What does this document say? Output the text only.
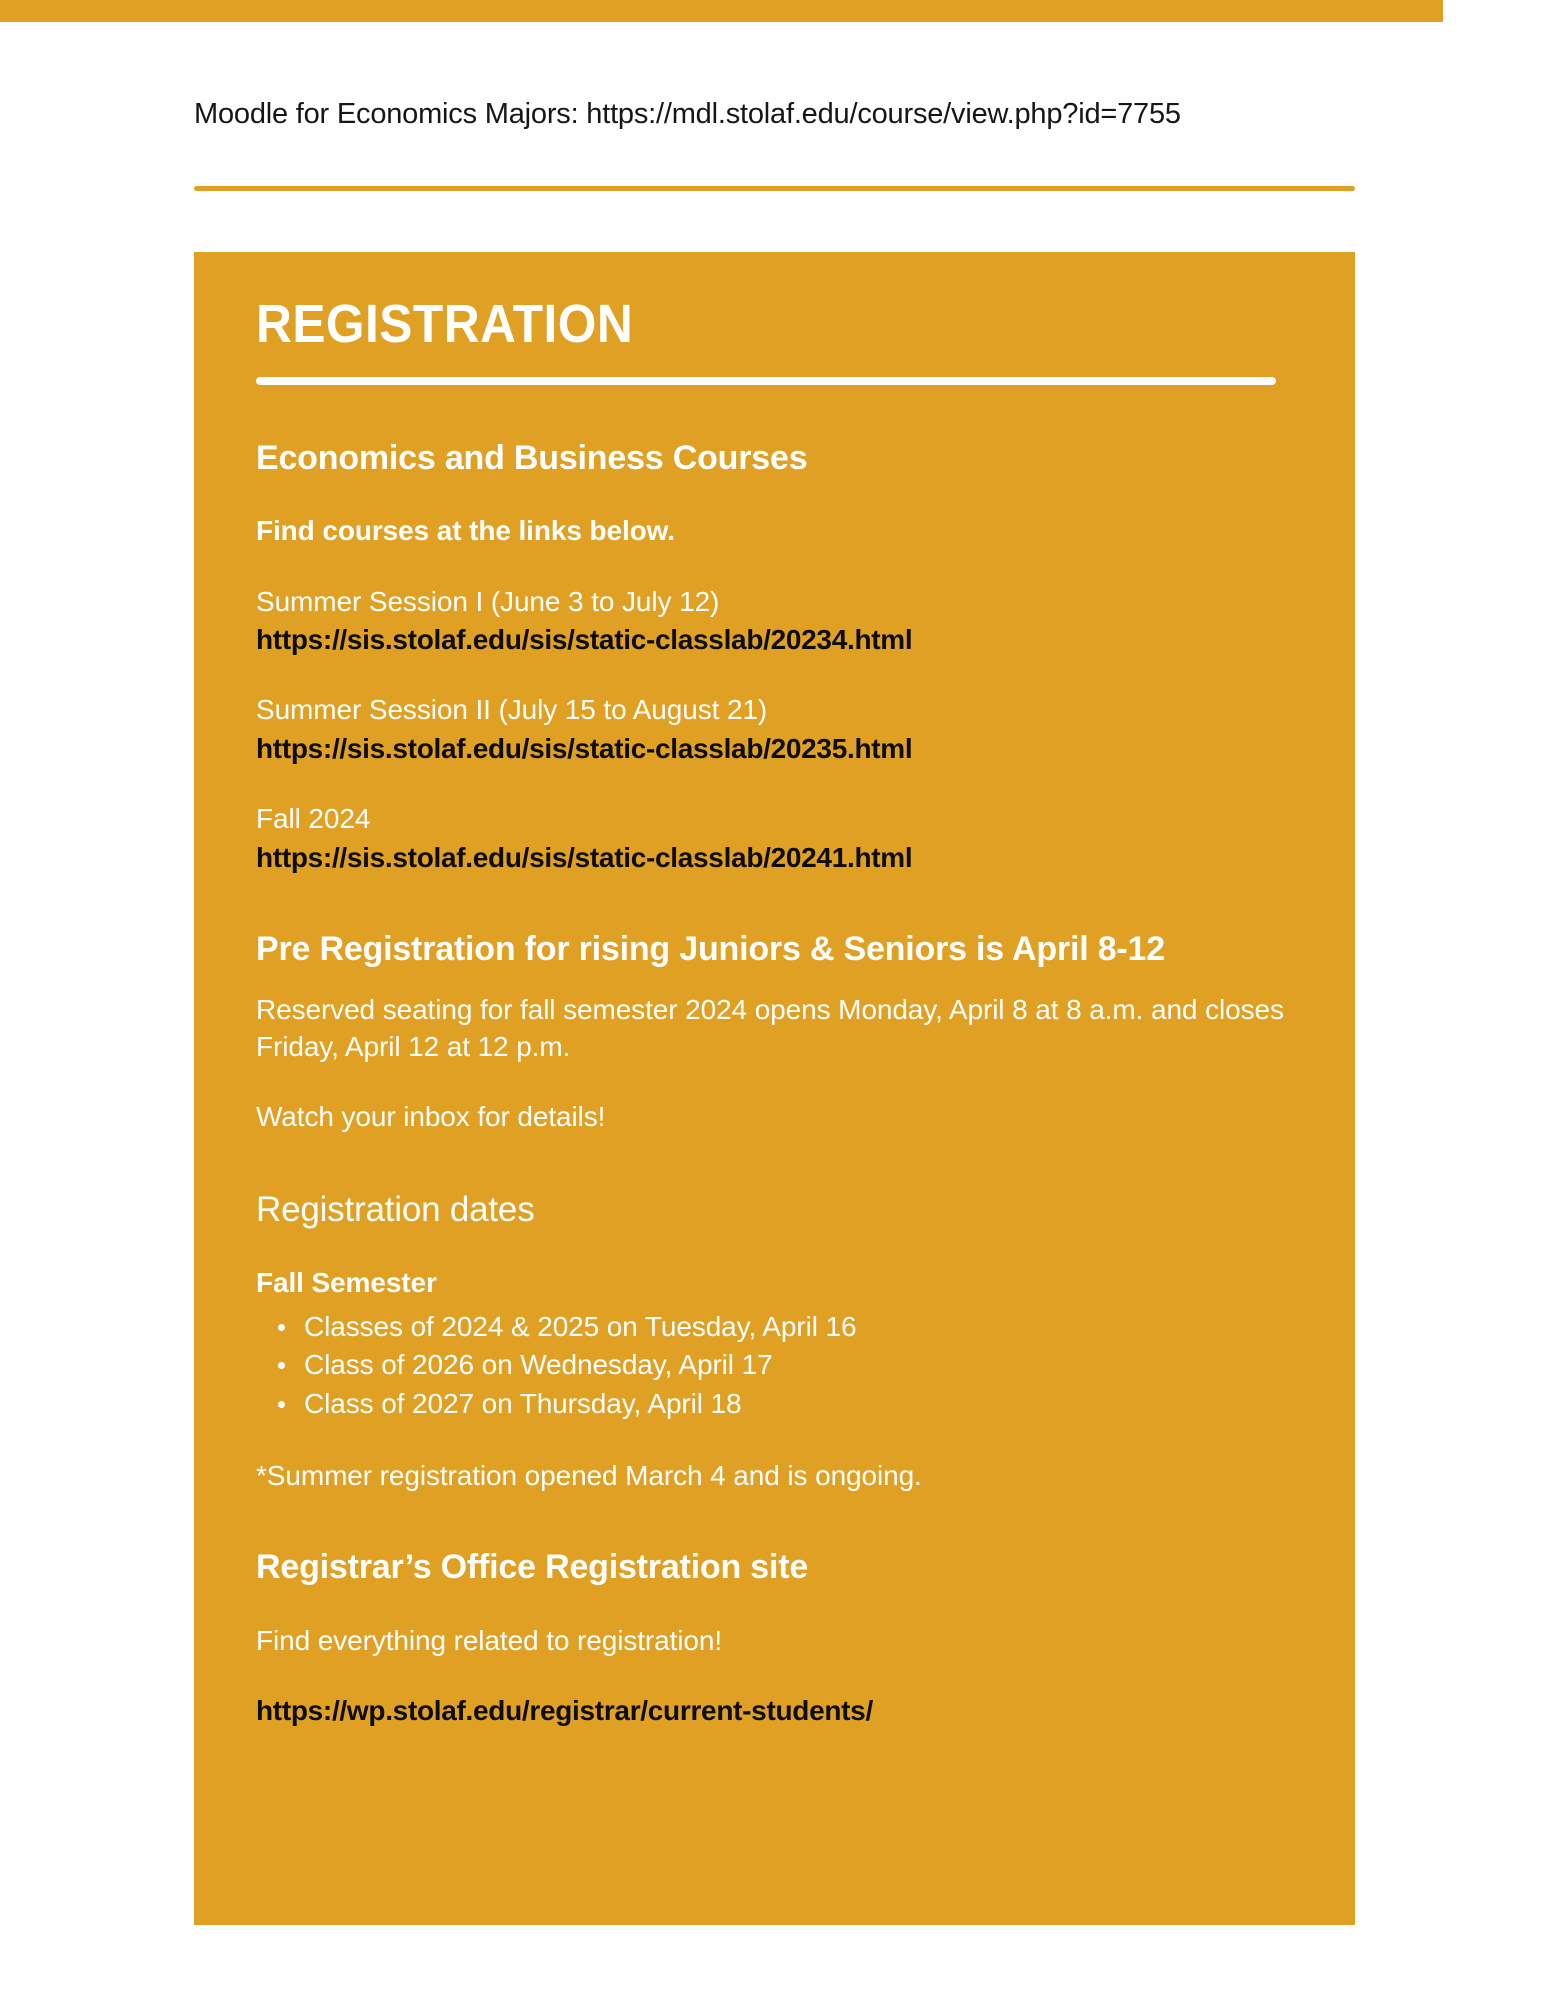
Moodle for Economics Majors: https://mdl.stolaf.edu/course/view.php?id=7755
REGISTRATION
Economics and Business Courses
Find courses at the links below.
Summer Session I (June 3 to July 12)
https://sis.stolaf.edu/sis/static-classlab/20234.html
Summer Session II (July 15 to August 21)
https://sis.stolaf.edu/sis/static-classlab/20235.html
Fall 2024
https://sis.stolaf.edu/sis/static-classlab/20241.html
Pre Registration for rising Juniors & Seniors is April 8-12
Reserved seating for fall semester 2024 opens Monday, April 8 at 8 a.m. and closes Friday, April 12 at 12 p.m.
Watch your inbox for details!
Registration dates
Fall Semester
Classes of 2024 & 2025 on Tuesday, April 16
Class of 2026 on Wednesday, April 17
Class of 2027 on Thursday, April 18
*Summer registration opened March 4 and is ongoing.
Registrar’s Office Registration site
Find everything related to registration!
https://wp.stolaf.edu/registrar/current-students/
